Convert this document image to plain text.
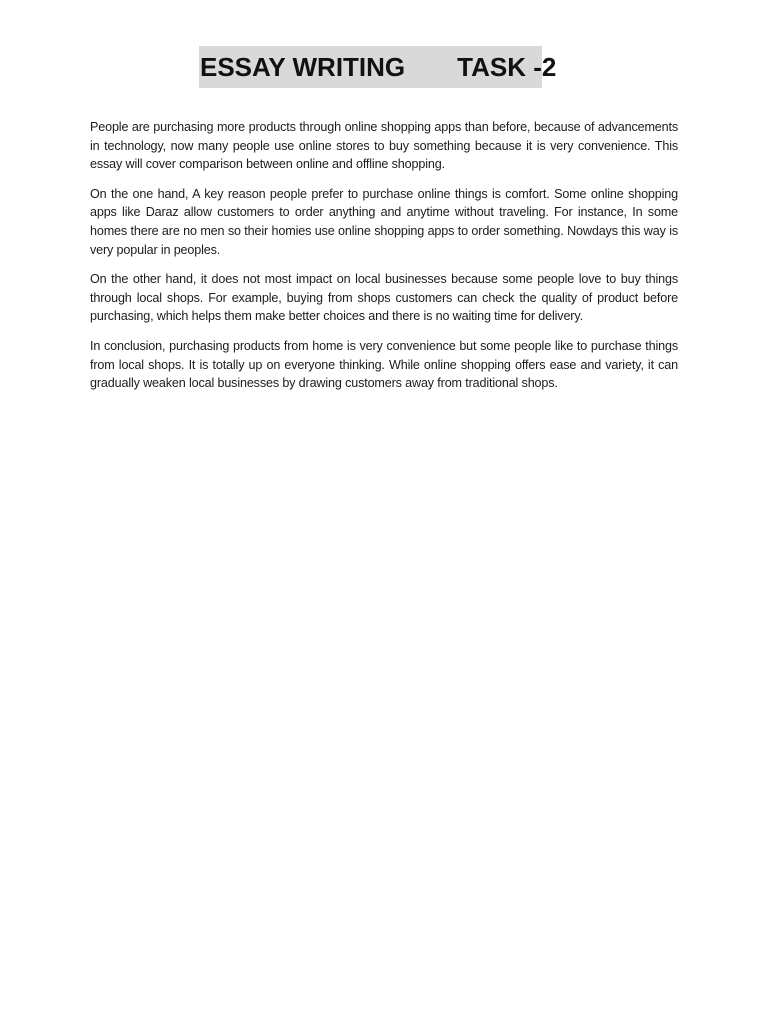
ESSAY WRITING TASK - 2

People are purchasing more products through online shopping apps than before, because of advancements in technology, now many people use online stores to buy something because it is very convenience. This essay will cover comparison between online and offline shopping.

On the one hand, A key reason people prefer to purchase online things is comfort. Some online shopping apps like Daraz allow customers to order anything and anytime without traveling. For instance, In some homes there are no men so their homies use online shopping apps to order something. Nowdays this way is very popular in peoples.

On the other hand, it does not most impact on local businesses because some people love to buy things through local shops. For example, buying from shops customers can check the quality of product before purchasing, which helps them make better choices and there is no waiting time for delivery.

In conclusion, purchasing products from home is very convenience but some people like to purchase things from local shops. It is totally up on everyone thinking. While online shopping offers ease and variety, it can gradually weaken local businesses by drawing customers away from traditional shops.
